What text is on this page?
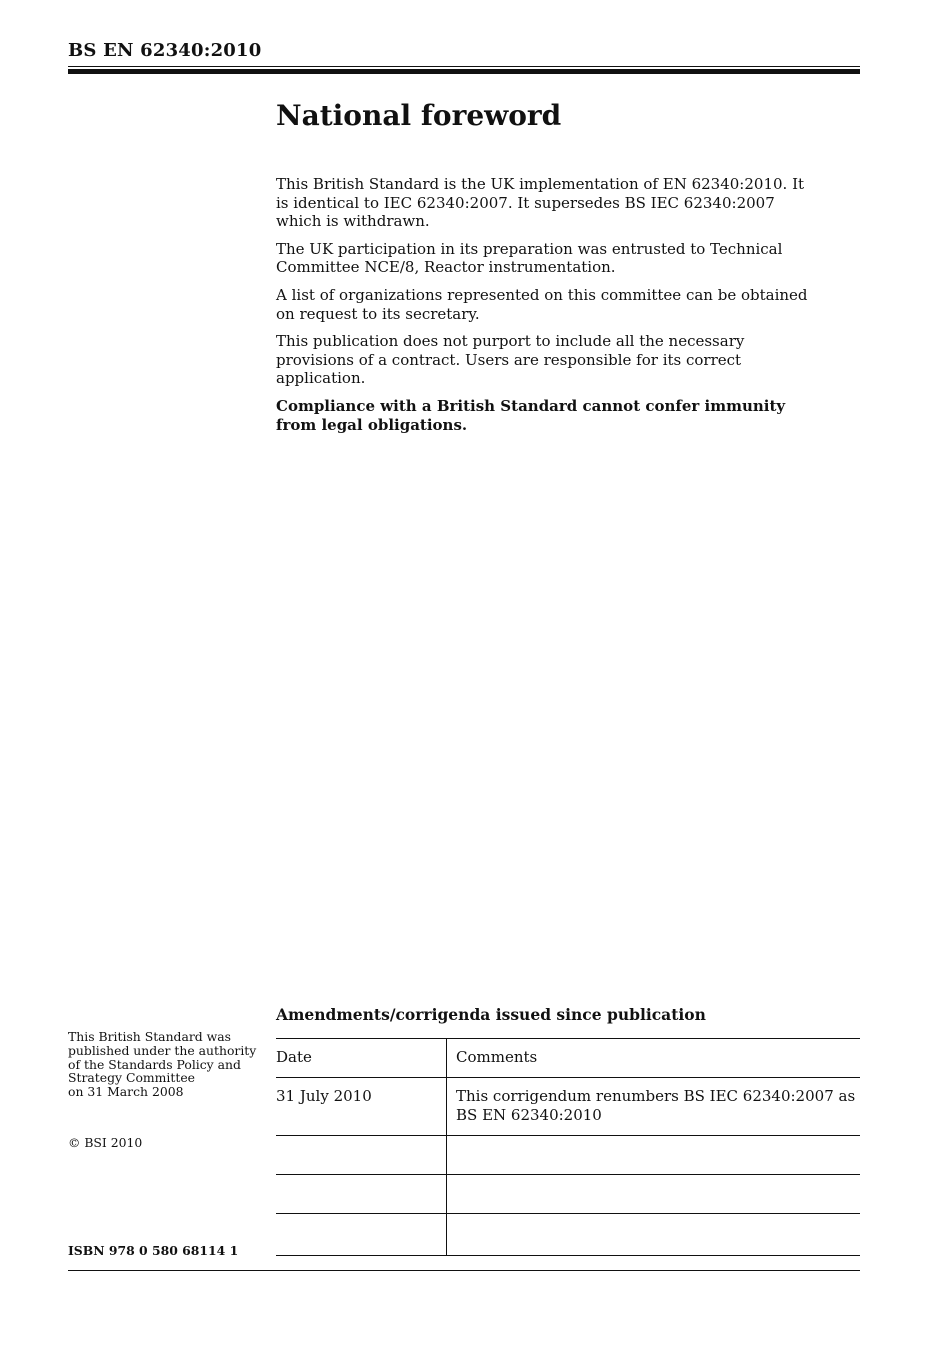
BS EN 62340:2010
National foreword

This British Standard is the UK implementation of EN 62340:2010. It is identical to IEC 62340:2007. It supersedes BS IEC 62340:2007 which is withdrawn.

The UK participation in its preparation was entrusted to Technical Committee NCE/8, Reactor instrumentation.

A list of organizations represented on this committee can be obtained on request to its secretary.

This publication does not purport to include all the necessary provisions of a contract. Users are responsible for its correct application.

Compliance with a British Standard cannot confer immunity from legal obligations.

Amendments/corrigenda issued since publication
This British Standard was
published under the authority
of the Standards Policy and
Strategy Committee
on 31 March 2008
© BSI 2010
ISBN 978 0 580 68114 1
Date	Comments
31 July 2010	This corrigendum renumbers BS IEC 62340:2007 as
BS EN 62340:2010
